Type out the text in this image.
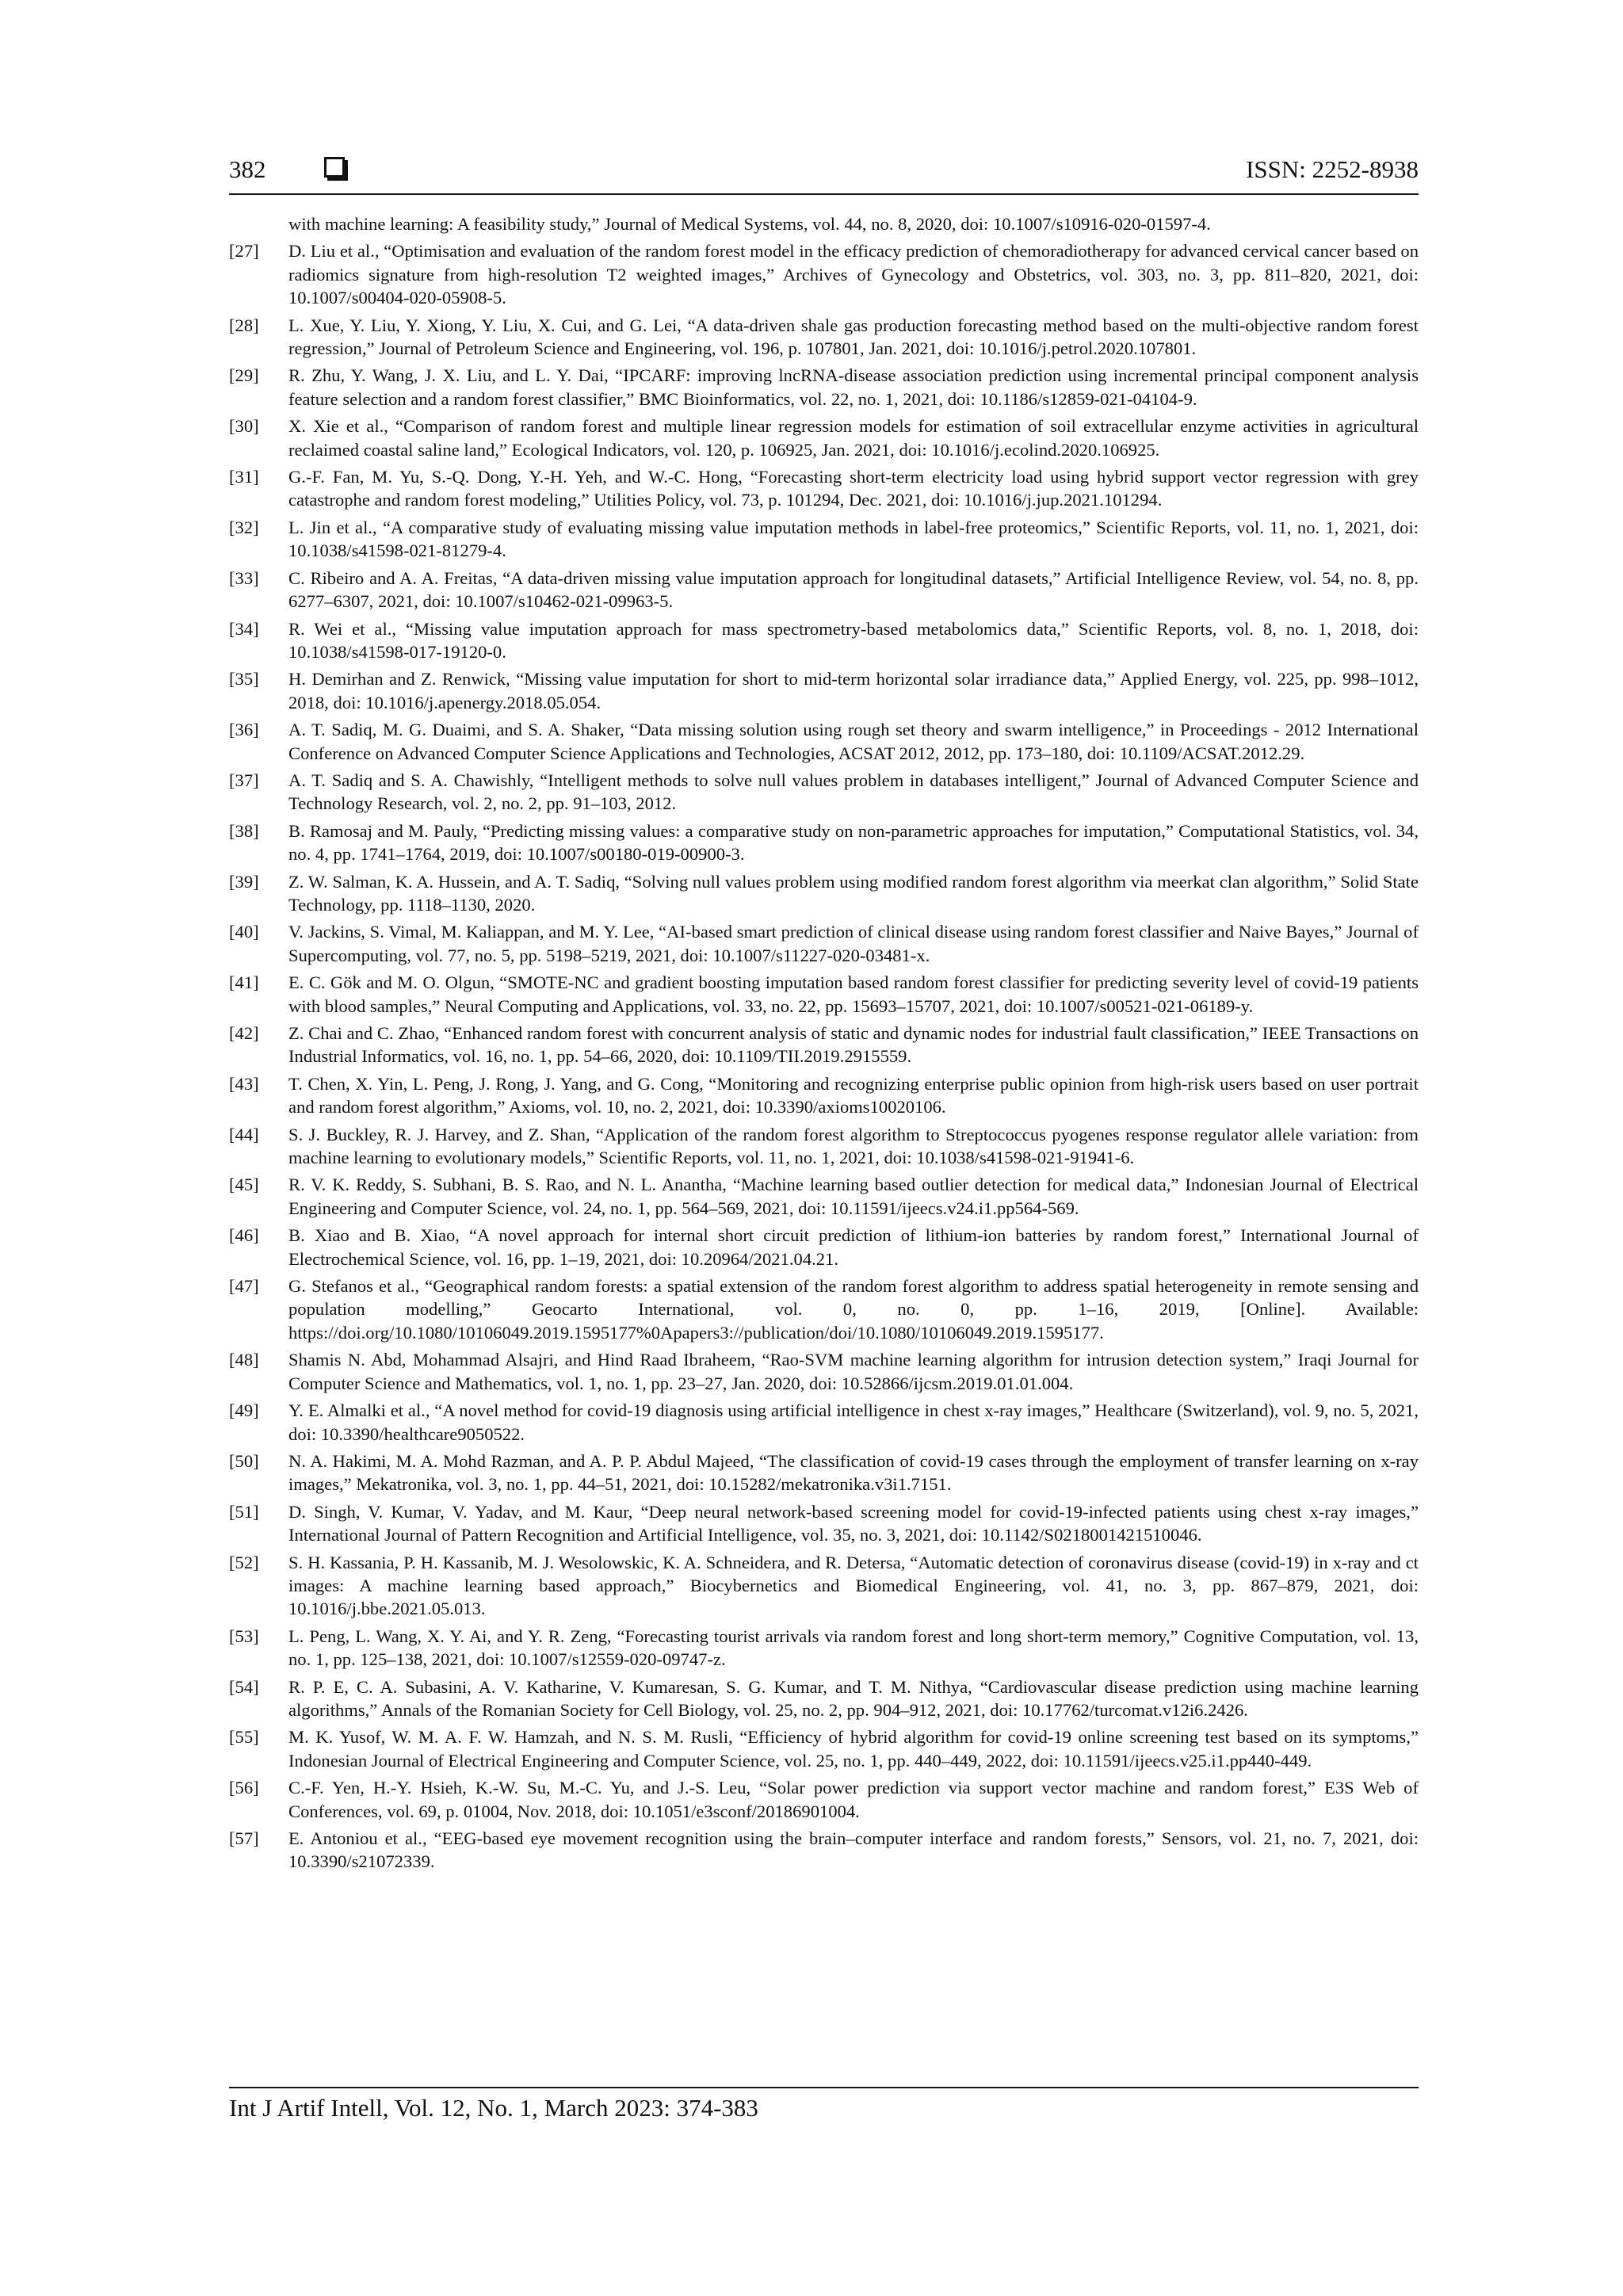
382	ISSN: 2252-8938
with machine learning: A feasibility study,” Journal of Medical Systems, vol. 44, no. 8, 2020, doi: 10.1007/s10916-020-01597-4.
[27]	D. Liu et al., “Optimisation and evaluation of the random forest model in the efficacy prediction of chemoradiotherapy for advanced cervical cancer based on radiomics signature from high-resolution T2 weighted images,” Archives of Gynecology and Obstetrics, vol. 303, no. 3, pp. 811–820, 2021, doi: 10.1007/s00404-020-05908-5.
[28]	L. Xue, Y. Liu, Y. Xiong, Y. Liu, X. Cui, and G. Lei, “A data-driven shale gas production forecasting method based on the multi-objective random forest regression,” Journal of Petroleum Science and Engineering, vol. 196, p. 107801, Jan. 2021, doi: 10.1016/j.petrol.2020.107801.
[29]	R. Zhu, Y. Wang, J. X. Liu, and L. Y. Dai, “IPCARF: improving lncRNA-disease association prediction using incremental principal component analysis feature selection and a random forest classifier,” BMC Bioinformatics, vol. 22, no. 1, 2021, doi: 10.1186/s12859-021-04104-9.
[30]	X. Xie et al., “Comparison of random forest and multiple linear regression models for estimation of soil extracellular enzyme activities in agricultural reclaimed coastal saline land,” Ecological Indicators, vol. 120, p. 106925, Jan. 2021, doi: 10.1016/j.ecolind.2020.106925.
[31]	G.-F. Fan, M. Yu, S.-Q. Dong, Y.-H. Yeh, and W.-C. Hong, “Forecasting short-term electricity load using hybrid support vector regression with grey catastrophe and random forest modeling,” Utilities Policy, vol. 73, p. 101294, Dec. 2021, doi: 10.1016/j.jup.2021.101294.
[32]	L. Jin et al., “A comparative study of evaluating missing value imputation methods in label-free proteomics,” Scientific Reports, vol. 11, no. 1, 2021, doi: 10.1038/s41598-021-81279-4.
[33]	C. Ribeiro and A. A. Freitas, “A data-driven missing value imputation approach for longitudinal datasets,” Artificial Intelligence Review, vol. 54, no. 8, pp. 6277–6307, 2021, doi: 10.1007/s10462-021-09963-5.
[34]	R. Wei et al., “Missing value imputation approach for mass spectrometry-based metabolomics data,” Scientific Reports, vol. 8, no. 1, 2018, doi: 10.1038/s41598-017-19120-0.
[35]	H. Demirhan and Z. Renwick, “Missing value imputation for short to mid-term horizontal solar irradiance data,” Applied Energy, vol. 225, pp. 998–1012, 2018, doi: 10.1016/j.apenergy.2018.05.054.
[36]	A. T. Sadiq, M. G. Duaimi, and S. A. Shaker, “Data missing solution using rough set theory and swarm intelligence,” in Proceedings - 2012 International Conference on Advanced Computer Science Applications and Technologies, ACSAT 2012, 2012, pp. 173–180, doi: 10.1109/ACSAT.2012.29.
[37]	A. T. Sadiq and S. A. Chawishly, “Intelligent methods to solve null values problem in databases intelligent,” Journal of Advanced Computer Science and Technology Research, vol. 2, no. 2, pp. 91–103, 2012.
[38]	B. Ramosaj and M. Pauly, “Predicting missing values: a comparative study on non-parametric approaches for imputation,” Computational Statistics, vol. 34, no. 4, pp. 1741–1764, 2019, doi: 10.1007/s00180-019-00900-3.
[39]	Z. W. Salman, K. A. Hussein, and A. T. Sadiq, “Solving null values problem using modified random forest algorithm via meerkat clan algorithm,” Solid State Technology, pp. 1118–1130, 2020.
[40]	V. Jackins, S. Vimal, M. Kaliappan, and M. Y. Lee, “AI-based smart prediction of clinical disease using random forest classifier and Naive Bayes,” Journal of Supercomputing, vol. 77, no. 5, pp. 5198–5219, 2021, doi: 10.1007/s11227-020-03481-x.
[41]	E. C. Gök and M. O. Olgun, “SMOTE-NC and gradient boosting imputation based random forest classifier for predicting severity level of covid-19 patients with blood samples,” Neural Computing and Applications, vol. 33, no. 22, pp. 15693–15707, 2021, doi: 10.1007/s00521-021-06189-y.
[42]	Z. Chai and C. Zhao, “Enhanced random forest with concurrent analysis of static and dynamic nodes for industrial fault classification,” IEEE Transactions on Industrial Informatics, vol. 16, no. 1, pp. 54–66, 2020, doi: 10.1109/TII.2019.2915559.
[43]	T. Chen, X. Yin, L. Peng, J. Rong, J. Yang, and G. Cong, “Monitoring and recognizing enterprise public opinion from high-risk users based on user portrait and random forest algorithm,” Axioms, vol. 10, no. 2, 2021, doi: 10.3390/axioms10020106.
[44]	S. J. Buckley, R. J. Harvey, and Z. Shan, “Application of the random forest algorithm to Streptococcus pyogenes response regulator allele variation: from machine learning to evolutionary models,” Scientific Reports, vol. 11, no. 1, 2021, doi: 10.1038/s41598-021-91941-6.
[45]	R. V. K. Reddy, S. Subhani, B. S. Rao, and N. L. Anantha, “Machine learning based outlier detection for medical data,” Indonesian Journal of Electrical Engineering and Computer Science, vol. 24, no. 1, pp. 564–569, 2021, doi: 10.11591/ijeecs.v24.i1.pp564-569.
[46]	B. Xiao and B. Xiao, “A novel approach for internal short circuit prediction of lithium-ion batteries by random forest,” International Journal of Electrochemical Science, vol. 16, pp. 1–19, 2021, doi: 10.20964/2021.04.21.
[47]	G. Stefanos et al., “Geographical random forests: a spatial extension of the random forest algorithm to address spatial heterogeneity in remote sensing and population modelling,” Geocarto International, vol. 0, no. 0, pp. 1–16, 2019, [Online]. Available: https://doi.org/10.1080/10106049.2019.1595177%0Apapers3://publication/doi/10.1080/10106049.2019.1595177.
[48]	Shamis N. Abd, Mohammad Alsajri, and Hind Raad Ibraheem, “Rao-SVM machine learning algorithm for intrusion detection system,” Iraqi Journal for Computer Science and Mathematics, vol. 1, no. 1, pp. 23–27, Jan. 2020, doi: 10.52866/ijcsm.2019.01.01.004.
[49]	Y. E. Almalki et al., “A novel method for covid-19 diagnosis using artificial intelligence in chest x-ray images,” Healthcare (Switzerland), vol. 9, no. 5, 2021, doi: 10.3390/healthcare9050522.
[50]	N. A. Hakimi, M. A. Mohd Razman, and A. P. P. Abdul Majeed, “The classification of covid-19 cases through the employment of transfer learning on x-ray images,” Mekatronika, vol. 3, no. 1, pp. 44–51, 2021, doi: 10.15282/mekatronika.v3i1.7151.
[51]	D. Singh, V. Kumar, V. Yadav, and M. Kaur, “Deep neural network-based screening model for covid-19-infected patients using chest x-ray images,” International Journal of Pattern Recognition and Artificial Intelligence, vol. 35, no. 3, 2021, doi: 10.1142/S0218001421510046.
[52]	S. H. Kassania, P. H. Kassanib, M. J. Wesolowskic, K. A. Schneidera, and R. Detersa, “Automatic detection of coronavirus disease (covid-19) in x-ray and ct images: A machine learning based approach,” Biocybernetics and Biomedical Engineering, vol. 41, no. 3, pp. 867–879, 2021, doi: 10.1016/j.bbe.2021.05.013.
[53]	L. Peng, L. Wang, X. Y. Ai, and Y. R. Zeng, “Forecasting tourist arrivals via random forest and long short-term memory,” Cognitive Computation, vol. 13, no. 1, pp. 125–138, 2021, doi: 10.1007/s12559-020-09747-z.
[54]	R. P. E, C. A. Subasini, A. V. Katharine, V. Kumaresan, S. G. Kumar, and T. M. Nithya, “Cardiovascular disease prediction using machine learning algorithms,” Annals of the Romanian Society for Cell Biology, vol. 25, no. 2, pp. 904–912, 2021, doi: 10.17762/turcomat.v12i6.2426.
[55]	M. K. Yusof, W. M. A. F. W. Hamzah, and N. S. M. Rusli, “Efficiency of hybrid algorithm for covid-19 online screening test based on its symptoms,” Indonesian Journal of Electrical Engineering and Computer Science, vol. 25, no. 1, pp. 440–449, 2022, doi: 10.11591/ijeecs.v25.i1.pp440-449.
[56]	C.-F. Yen, H.-Y. Hsieh, K.-W. Su, M.-C. Yu, and J.-S. Leu, “Solar power prediction via support vector machine and random forest,” E3S Web of Conferences, vol. 69, p. 01004, Nov. 2018, doi: 10.1051/e3sconf/20186901004.
[57]	E. Antoniou et al., “EEG-based eye movement recognition using the brain–computer interface and random forests,” Sensors, vol. 21, no. 7, 2021, doi: 10.3390/s21072339.
Int J Artif Intell, Vol. 12, No. 1, March 2023: 374-383
